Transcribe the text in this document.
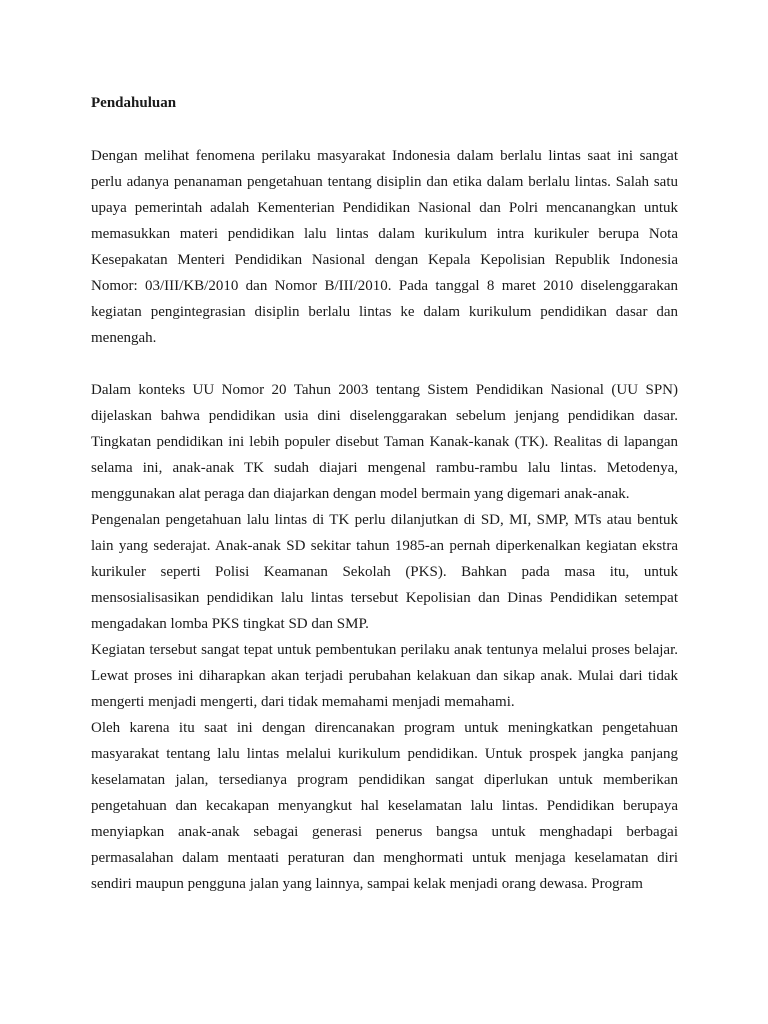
Pendahuluan

Dengan melihat fenomena perilaku masyarakat Indonesia dalam berlalu lintas saat ini sangat perlu adanya penanaman pengetahuan tentang disiplin dan etika dalam berlalu lintas. Salah satu upaya pemerintah adalah Kementerian Pendidikan Nasional dan Polri mencanangkan untuk memasukkan materi pendidikan lalu lintas dalam kurikulum intra kurikuler berupa Nota Kesepakatan Menteri Pendidikan Nasional dengan Kepala Kepolisian Republik Indonesia Nomor: 03/III/KB/2010 dan Nomor B/III/2010. Pada tanggal 8 maret 2010 diselenggarakan kegiatan pengintegrasian disiplin berlalu lintas ke dalam kurikulum pendidikan dasar dan menengah.

Dalam konteks UU Nomor 20 Tahun 2003 tentang Sistem Pendidikan Nasional (UU SPN) dijelaskan bahwa pendidikan usia dini diselenggarakan sebelum jenjang pendidikan dasar. Tingkatan pendidikan ini lebih populer disebut Taman Kanak-kanak (TK). Realitas di lapangan selama ini, anak-anak TK sudah diajari mengenal rambu-rambu lalu lintas. Metodenya, menggunakan alat peraga dan diajarkan dengan model bermain yang digemari anak-anak.

Pengenalan pengetahuan lalu lintas di TK perlu dilanjutkan di SD, MI, SMP, MTs atau bentuk lain yang sederajat. Anak-anak SD sekitar tahun 1985-an pernah diperkenalkan kegiatan ekstra kurikuler seperti Polisi Keamanan Sekolah (PKS). Bahkan pada masa itu, untuk mensosialisasikan pendidikan lalu lintas tersebut Kepolisian dan Dinas Pendidikan setempat mengadakan lomba PKS tingkat SD dan SMP.

Kegiatan tersebut sangat tepat untuk pembentukan perilaku anak tentunya melalui proses belajar. Lewat proses ini diharapkan akan terjadi perubahan kelakuan dan sikap anak. Mulai dari tidak mengerti menjadi mengerti, dari tidak memahami menjadi memahami.

Oleh karena itu saat ini dengan direncanakan program untuk meningkatkan pengetahuan masyarakat tentang lalu lintas melalui kurikulum pendidikan. Untuk prospek jangka panjang keselamatan jalan, tersedianya program pendidikan sangat diperlukan untuk memberikan pengetahuan dan kecakapan menyangkut hal keselamatan lalu lintas. Pendidikan berupaya menyiapkan anak-anak sebagai generasi penerus bangsa untuk menghadapi berbagai permasalahan dalam mentaati peraturan dan menghormati untuk menjaga keselamatan diri sendiri maupun pengguna jalan yang lainnya, sampai kelak menjadi orang dewasa. Program
